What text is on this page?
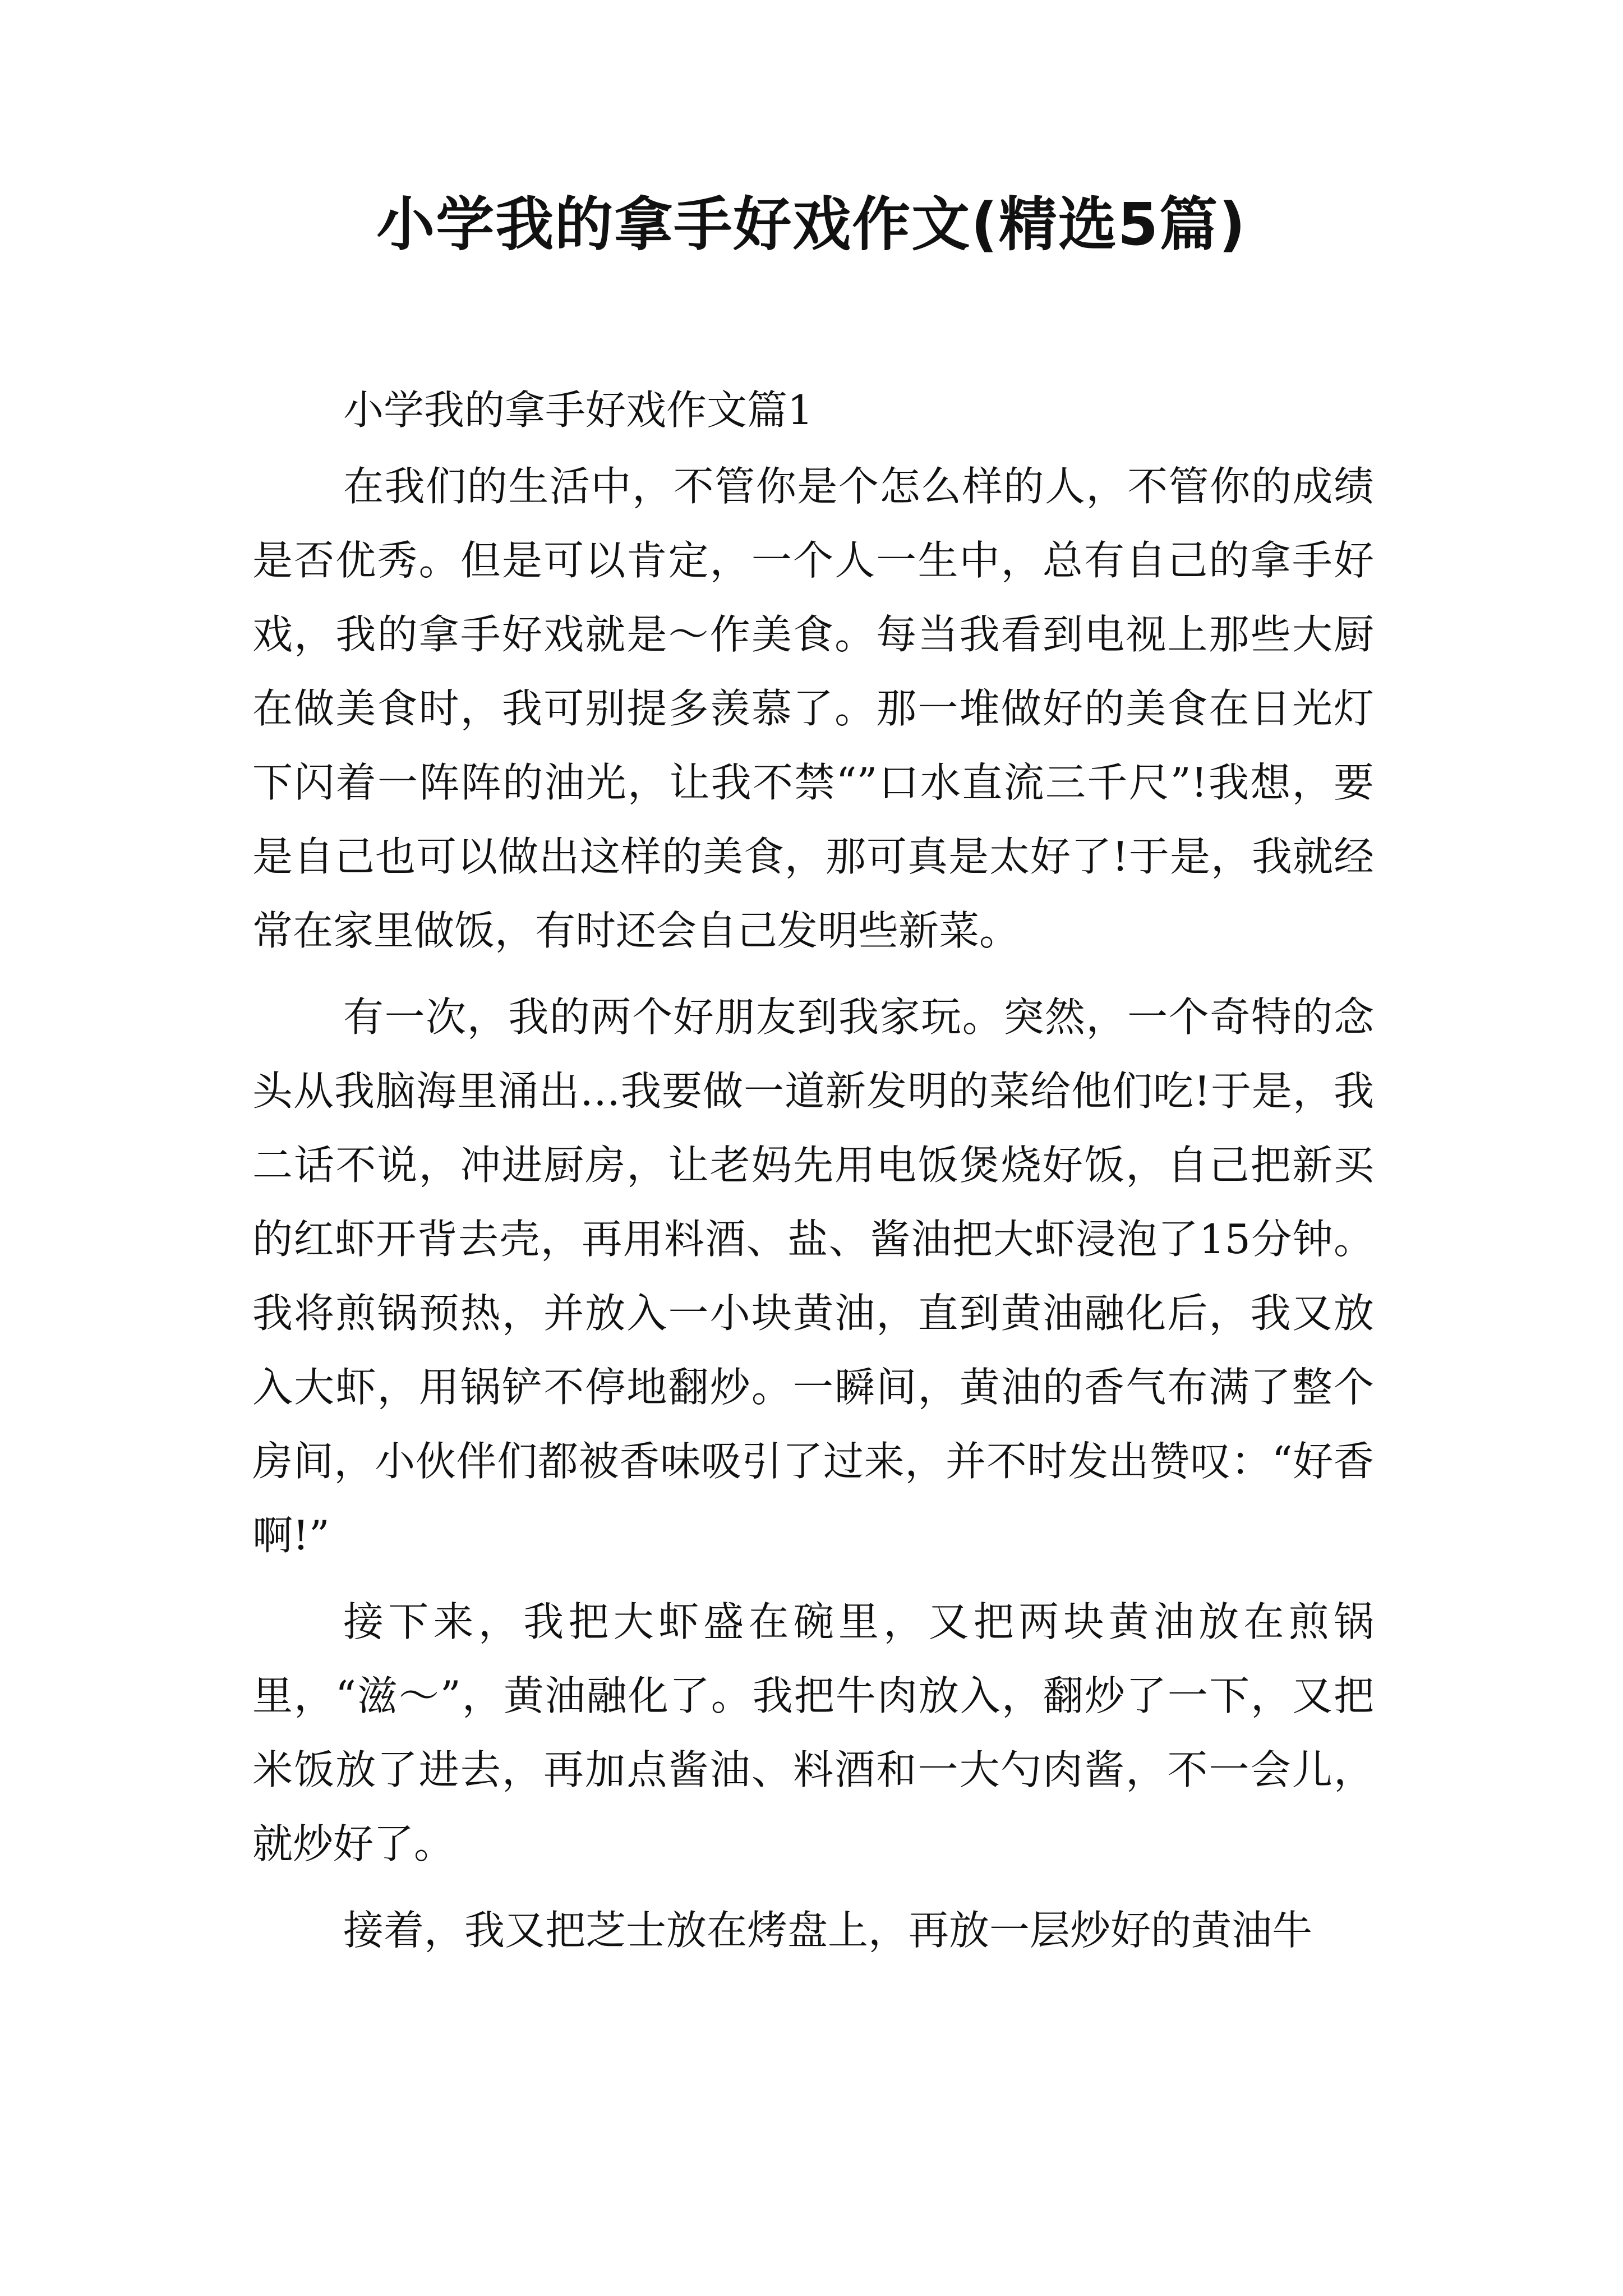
小学我的拿手好戏作文(精选5篇)

小学我的拿手好戏作文篇1

在我们的生活中，不管你是个怎么样的人，不管你的成绩是否优秀。但是可以肯定，一个人一生中，总有自己的拿手好戏，我的拿手好戏就是～作美食。每当我看到电视上那些大厨在做美食时，我可别提多羡慕了。那一堆做好的美食在日光灯下闪着一阵阵的油光，让我不禁“”口水直流三千尺”!我想，要是自己也可以做出这样的美食，那可真是太好了!于是，我就经常在家里做饭，有时还会自己发明些新菜。

有一次，我的两个好朋友到我家玩。突然，一个奇特的念头从我脑海里涌出…我要做一道新发明的菜给他们吃!于是，我二话不说，冲进厨房，让老妈先用电饭煲烧好饭，自己把新买的红虾开背去壳，再用料酒、盐、酱油把大虾浸泡了15分钟。我将煎锅预热，并放入一小块黄油，直到黄油融化后，我又放入大虾，用锅铲不停地翻炒。一瞬间，黄油的香气布满了整个房间，小伙伴们都被香味吸引了过来，并不时发出赞叹：“好香啊!”

接下来，我把大虾盛在碗里，又把两块黄油放在煎锅里，“滋～”，黄油融化了。我把牛肉放入，翻炒了一下，又把米饭放了进去，再加点酱油、料酒和一大勺肉酱，不一会儿，就炒好了。

接着，我又把芝士放在烤盘上，再放一层炒好的黄油牛
